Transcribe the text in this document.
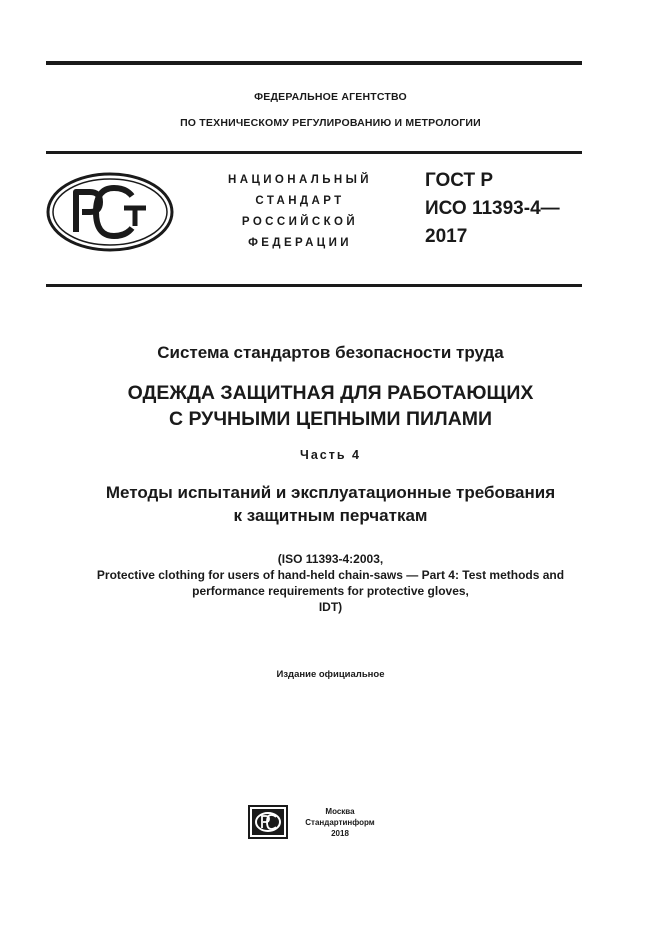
ФЕДЕРАЛЬНОЕ АГЕНТСТВО
ПО ТЕХНИЧЕСКОМУ РЕГУЛИРОВАНИЮ И МЕТРОЛОГИИ
НАЦИОНАЛЬНЫЙ
СТАНДАРТ
РОССИЙСКОЙ
ФЕДЕРАЦИИ
ГОСТ Р
ИСО 11393-4—
2017
Система стандартов безопасности труда
ОДЕЖДА ЗАЩИТНАЯ ДЛЯ РАБОТАЮЩИХ
С РУЧНЫМИ ЦЕПНЫМИ ПИЛАМИ
Часть 4
Методы испытаний и эксплуатационные требования
к защитным перчаткам
(ISO 11393-4:2003,
Protective clothing for users of hand-held chain-saws — Part 4: Test methods and
performance requirements for protective gloves,
IDT)
Издание официальное
Москва
Стандартинформ
2018
